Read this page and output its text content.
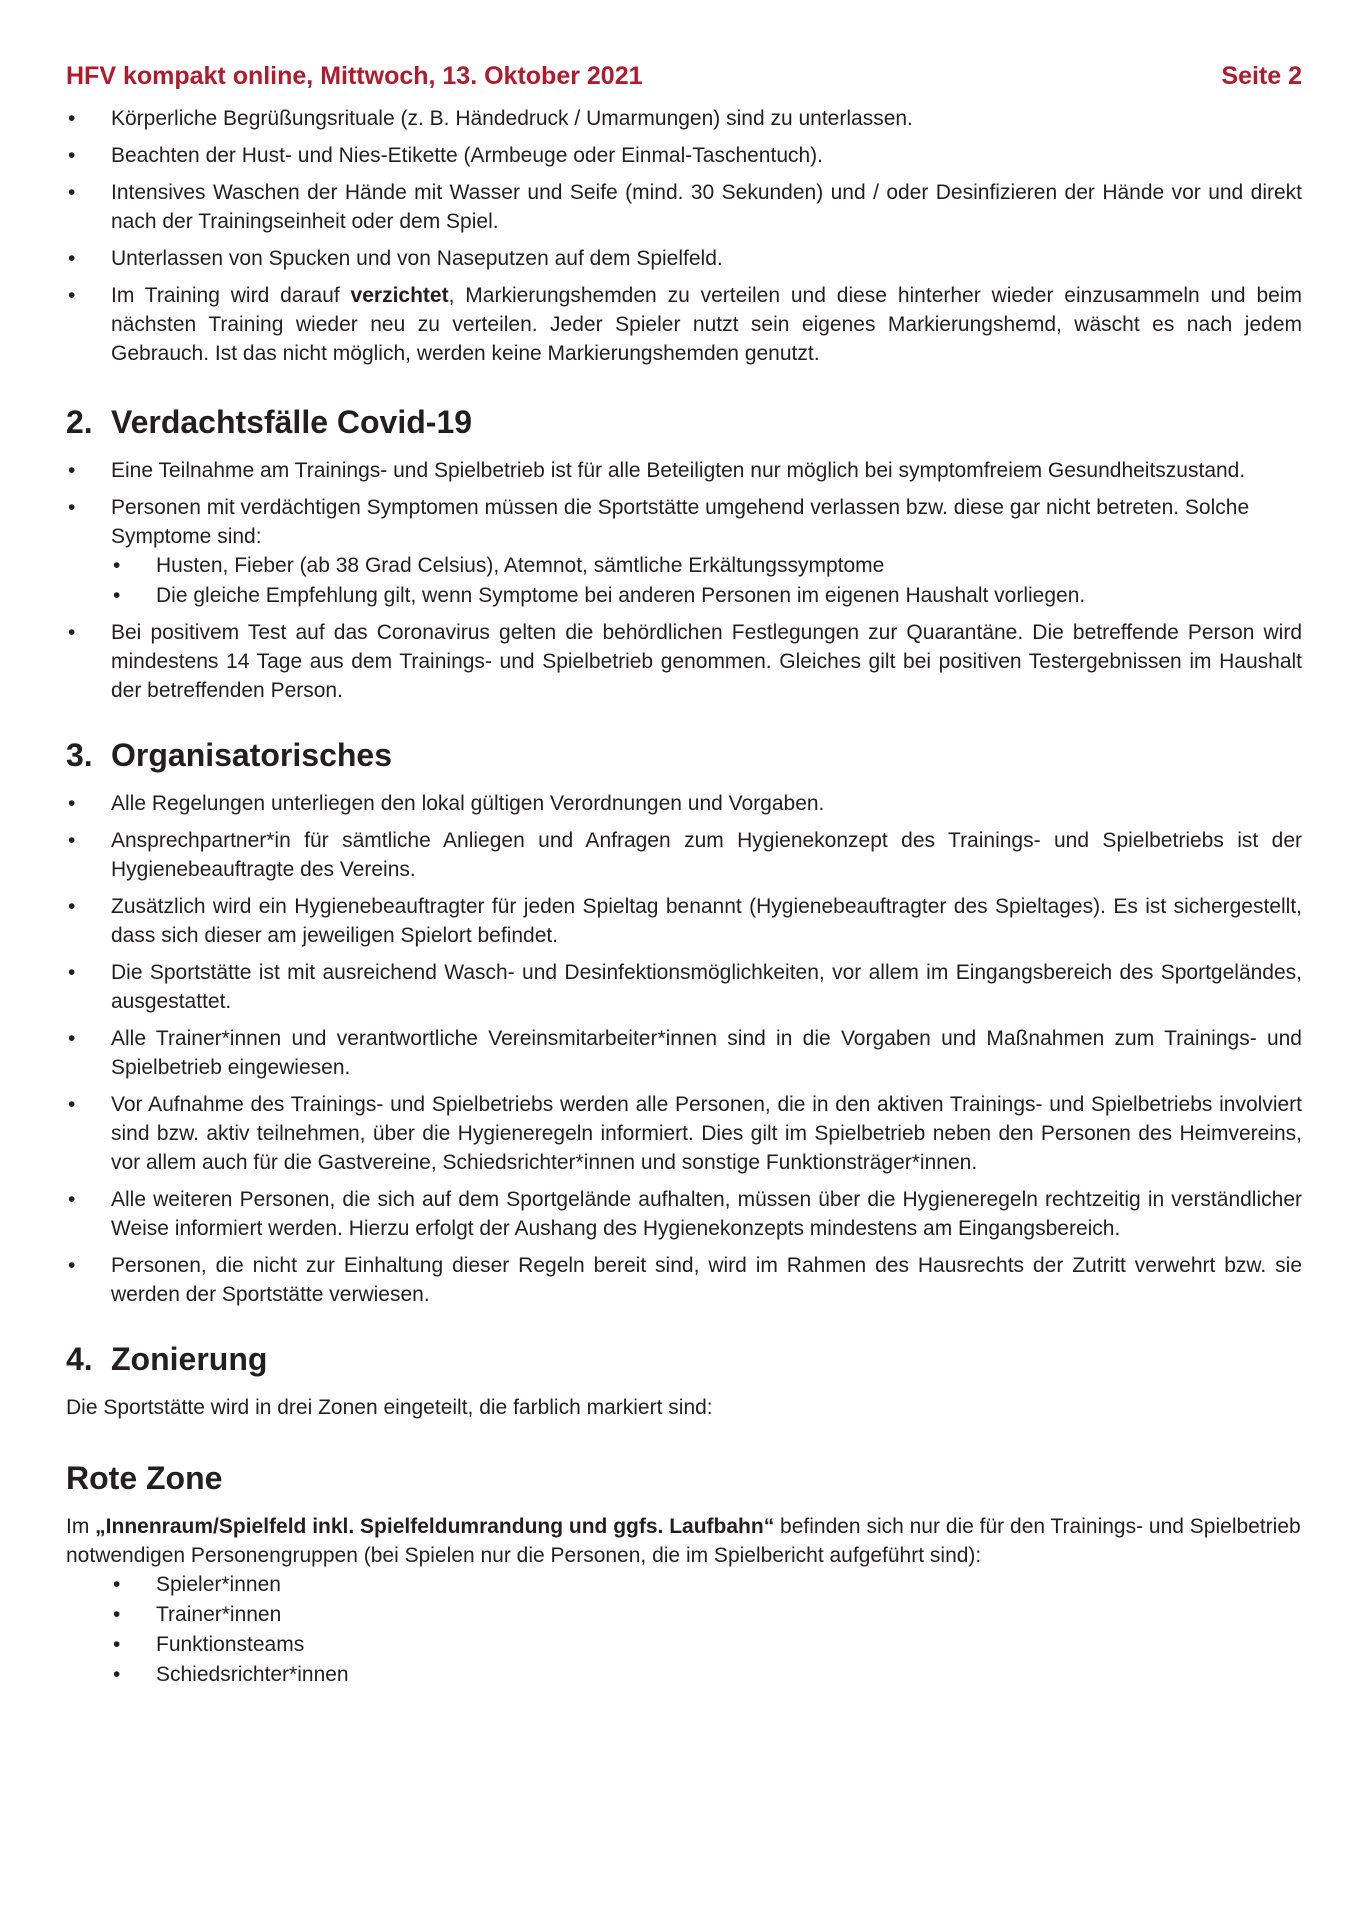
HFV kompakt online, Mittwoch, 13. Oktober 2021	Seite 2
• Körperliche Begrüßungsrituale (z. B. Händedruck / Umarmungen) sind zu unterlassen.
• Beachten der Hust- und Nies-Etikette (Armbeuge oder Einmal-Taschentuch).
• Intensives Waschen der Hände mit Wasser und Seife (mind. 30 Sekunden) und / oder Desinfizieren der Hände vor und direkt nach der Trainingseinheit oder dem Spiel.
• Unterlassen von Spucken und von Naseputzen auf dem Spielfeld.
• Im Training wird darauf verzichtet, Markierungshemden zu verteilen und diese hinterher wieder einzusammeln und beim nächsten Training wieder neu zu verteilen. Jeder Spieler nutzt sein eigenes Markierungshemd, wäscht es nach jedem Gebrauch. Ist das nicht möglich, werden keine Markierungshemden genutzt.
2. Verdachtsfälle Covid-19
• Eine Teilnahme am Trainings- und Spielbetrieb ist für alle Beteiligten nur möglich bei symptomfreiem Gesundheitszustand.
• Personen mit verdächtigen Symptomen müssen die Sportstätte umgehend verlassen bzw. diese gar nicht betreten. Solche Symptome sind:
• Husten, Fieber (ab 38 Grad Celsius), Atemnot, sämtliche Erkältungssymptome
• Die gleiche Empfehlung gilt, wenn Symptome bei anderen Personen im eigenen Haushalt vorliegen.
• Bei positivem Test auf das Coronavirus gelten die behördlichen Festlegungen zur Quarantäne. Die betreffende Person wird mindestens 14 Tage aus dem Trainings- und Spielbetrieb genommen. Gleiches gilt bei positiven Testergebnissen im Haushalt der betreffenden Person.
3. Organisatorisches
• Alle Regelungen unterliegen den lokal gültigen Verordnungen und Vorgaben.
• Ansprechpartner*in für sämtliche Anliegen und Anfragen zum Hygienekonzept des Trainings- und Spielbetriebs ist der Hygienebeauftragte des Vereins.
• Zusätzlich wird ein Hygienebeauftragter für jeden Spieltag benannt (Hygienebeauftragter des Spieltages). Es ist sichergestellt, dass sich dieser am jeweiligen Spielort befindet.
• Die Sportstätte ist mit ausreichend Wasch- und Desinfektionsmöglichkeiten, vor allem im Eingangsbereich des Sportgeländes, ausgestattet.
• Alle Trainer*innen und verantwortliche Vereinsmitarbeiter*innen sind in die Vorgaben und Maßnahmen zum Trainings- und Spielbetrieb eingewiesen.
• Vor Aufnahme des Trainings- und Spielbetriebs werden alle Personen, die in den aktiven Trainings- und Spielbetriebs involviert sind bzw. aktiv teilnehmen, über die Hygieneregeln informiert. Dies gilt im Spielbetrieb neben den Personen des Heimvereins, vor allem auch für die Gastvereine, Schiedsrichter*innen und sonstige Funktionsträger*innen.
• Alle weiteren Personen, die sich auf dem Sportgelände aufhalten, müssen über die Hygieneregeln rechtzeitig in verständlicher Weise informiert werden. Hierzu erfolgt der Aushang des Hygienekonzepts mindestens am Eingangsbereich.
• Personen, die nicht zur Einhaltung dieser Regeln bereit sind, wird im Rahmen des Hausrechts der Zutritt verwehrt bzw. sie werden der Sportstätte verwiesen.
4. Zonierung

Die Sportstätte wird in drei Zonen eingeteilt, die farblich markiert sind:

Rote Zone

Im „Innenraum/Spielfeld inkl. Spielfeldumrandung und ggfs. Laufbahn“ befinden sich nur die für den Trainings- und Spielbetrieb notwendigen Personengruppen (bei Spielen nur die Personen, die im Spielbericht aufgeführt sind):

• Spieler*innen
• Trainer*innen
• Funktionsteams
• Schiedsrichter*innen
